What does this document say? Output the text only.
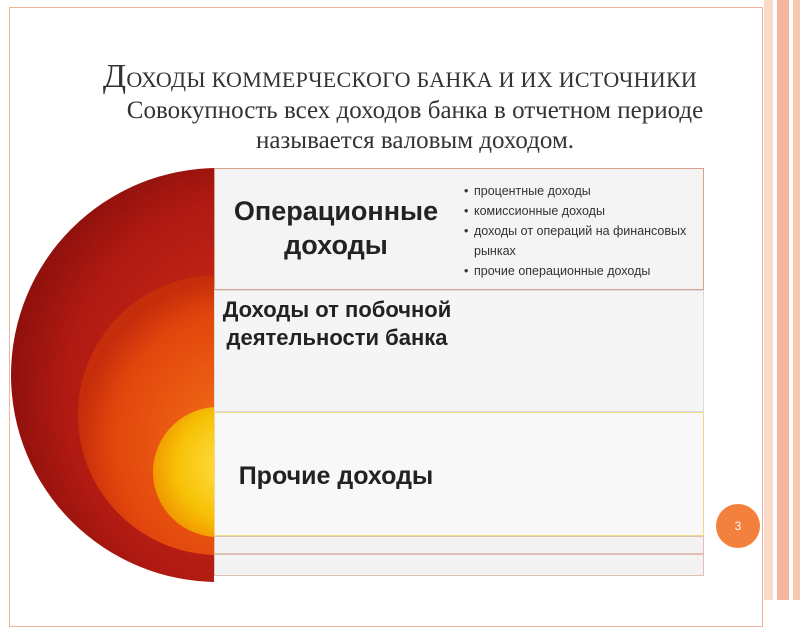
ДОХОДЫ КОММЕРЧЕСКОГО БАНКА И ИХ ИСТОЧНИКИ
Совокупность всех доходов банка в отчетном периоде называется валовым доходом.
Операционные доходы
Доходы от побочной деятельности банка
Прочие доходы
• процентные доходы
• комиссионные доходы
• доходы от операций на финансовых рынках
• прочие операционные доходы
3
